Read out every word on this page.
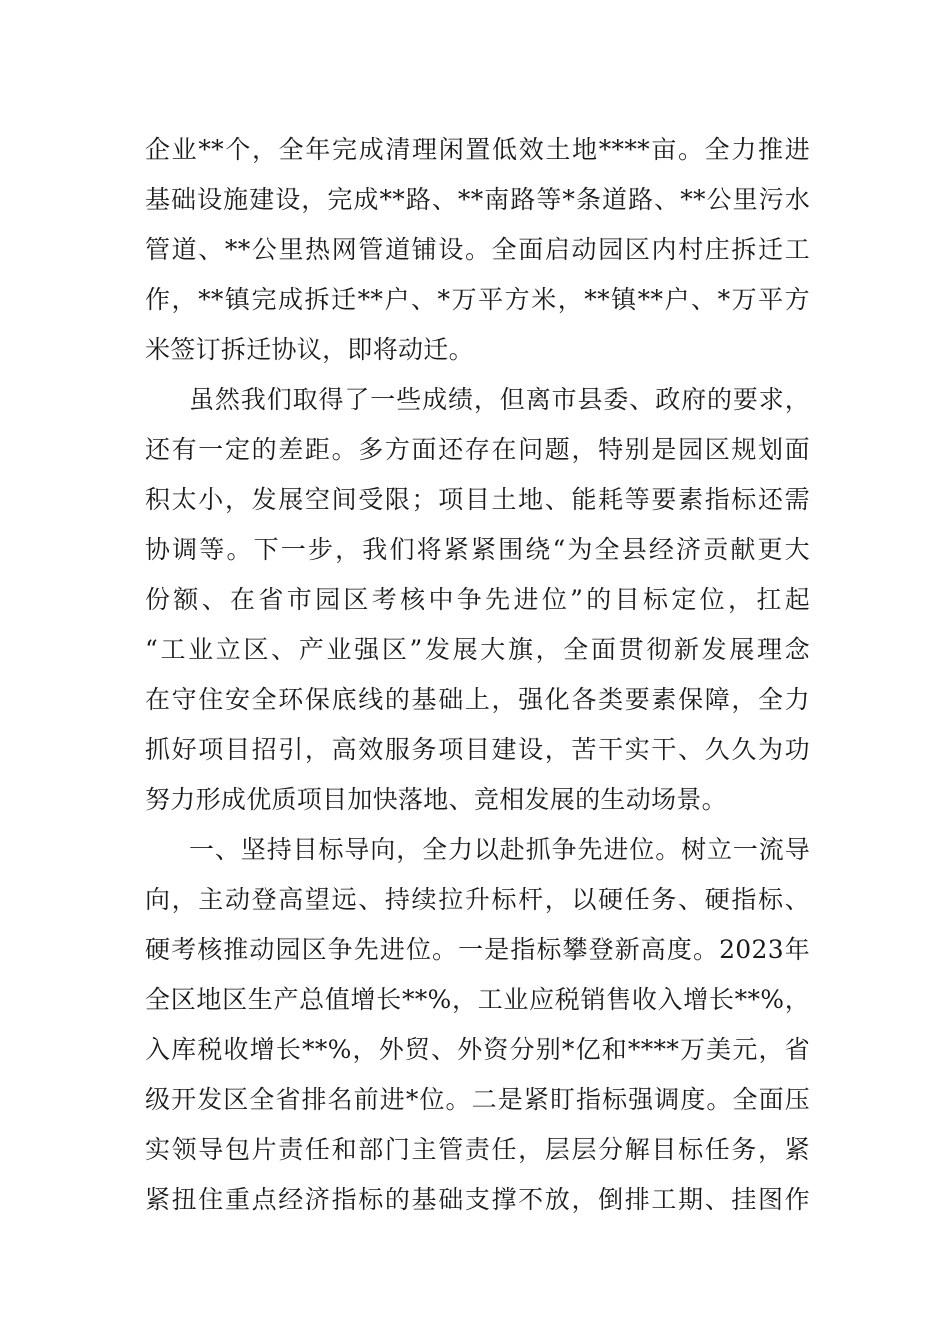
企业**个，全年完成清理闲置低效土地****亩。全力推进
基础设施建设，完成**路、**南路等*条道路、**公里污水
管道、**公里热网管道铺设。全面启动园区内村庄拆迁工
作，**镇完成拆迁**户、*万平方米，**镇**户、*万平方
米签订拆迁协议，即将动迁。
虽然我们取得了一些成绩，但离市县委、政府的要求，
还有一定的差距。多方面还存在问题，特别是园区规划面
积太小，发展空间受限；项目土地、能耗等要素指标还需
协调等。下一步，我们将紧紧围绕“为全县经济贡献更大
份额、在省市园区考核中争先进位”的目标定位，扛起
“工业立区、产业强区”发展大旗，全面贯彻新发展理念
在守住安全环保底线的基础上，强化各类要素保障，全力
抓好项目招引，高效服务项目建设，苦干实干、久久为功
努力形成优质项目加快落地、竞相发展的生动场景。
一、坚持目标导向，全力以赴抓争先进位。树立一流导
向，主动登高望远、持续拉升标杆，以硬任务、硬指标、
硬考核推动园区争先进位。一是指标攀登新高度。2023年
全区地区生产总值增长**%，工业应税销售收入增长**%，
入库税收增长**%，外贸、外资分别*亿和****万美元，省
级开发区全省排名前进*位。二是紧盯指标强调度。全面压
实领导包片责任和部门主管责任，层层分解目标任务，紧
紧扭住重点经济指标的基础支撑不放，倒排工期、挂图作
